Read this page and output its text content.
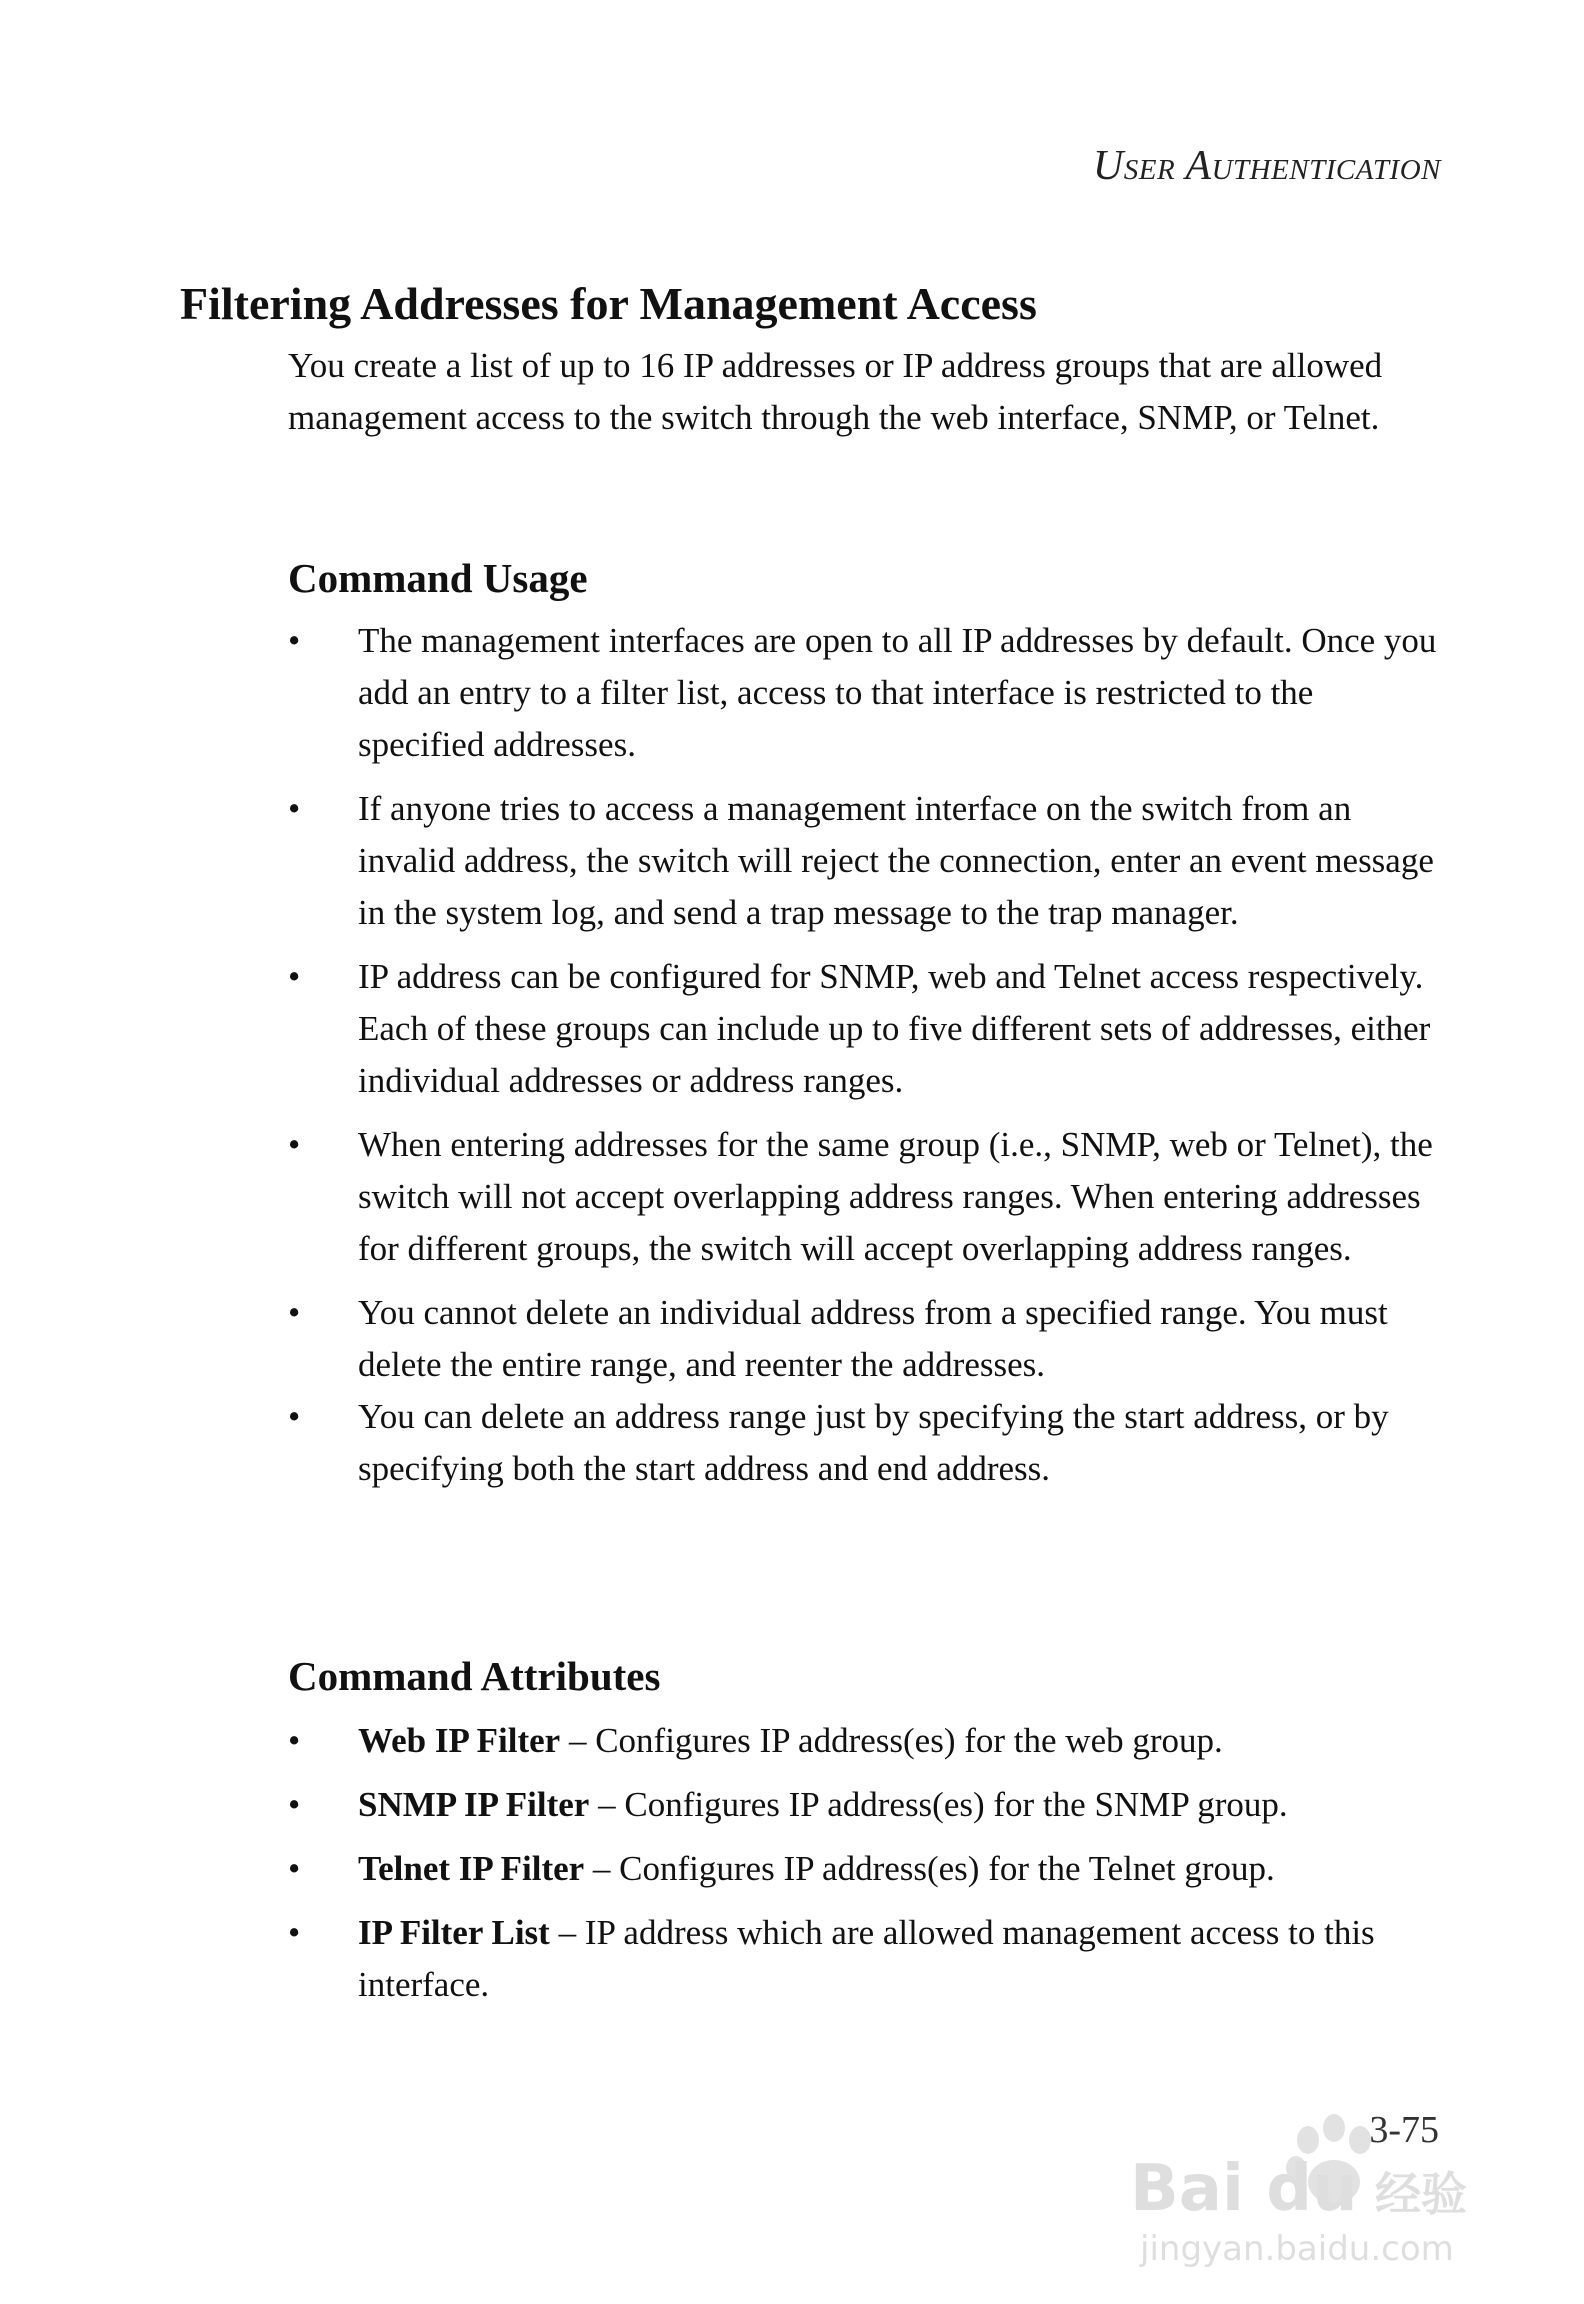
User Authentication
Filtering Addresses for Management Access

You create a list of up to 16 IP addresses or IP address groups that are allowed management access to the switch through the web interface, SNMP, or Telnet.

Command Usage
•	The management interfaces are open to all IP addresses by default. Once you add an entry to a filter list, access to that interface is restricted to the specified addresses.
•	If anyone tries to access a management interface on the switch from an invalid address, the switch will reject the connection, enter an event message in the system log, and send a trap message to the trap manager.
•	IP address can be configured for SNMP, web and Telnet access respectively. Each of these groups can include up to five different sets of addresses, either individual addresses or address ranges.
•	When entering addresses for the same group (i.e., SNMP, web or Telnet), the switch will not accept overlapping address ranges. When entering addresses for different groups, the switch will accept overlapping address ranges.
•	You cannot delete an individual address from a specified range. You must delete the entire range, and reenter the addresses.
•	You can delete an address range just by specifying the start address, or by specifying both the start address and end address.
Command Attributes
•	Web IP Filter – Configures IP address(es) for the web group.
•	SNMP IP Filter – Configures IP address(es) for the SNMP group.
•	Telnet IP Filter – Configures IP address(es) for the Telnet group.
•	IP Filter List – IP address which are allowed management access to this interface.
3-75
Bai du 经验
jingyan.baidu.com
